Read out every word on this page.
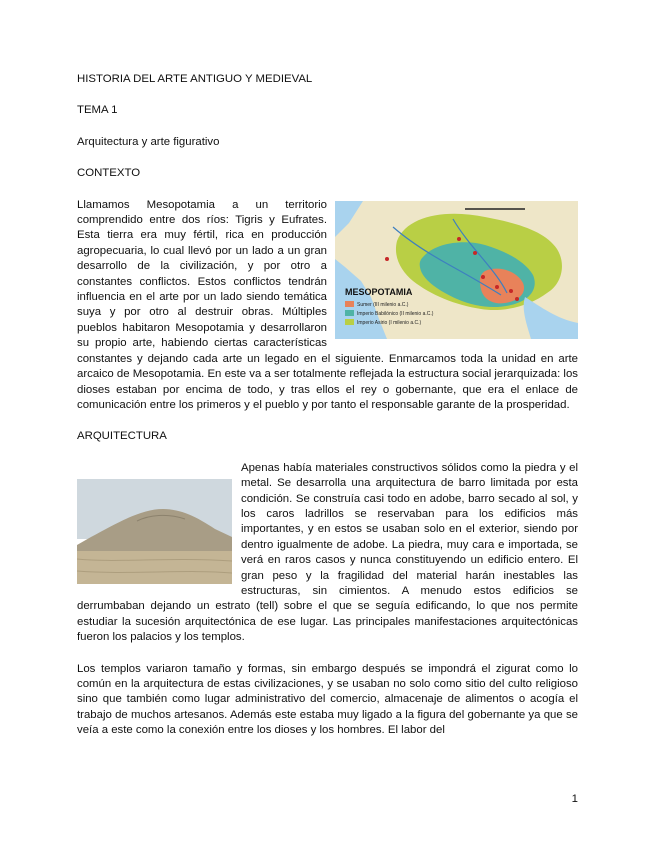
HISTORIA DEL ARTE ANTIGUO Y MEDIEVAL

TEMA 1

Arquitectura y arte figurativo

CONTEXTO

MESOPOTAMIA
Sumer (III milenio a.C.)
Imperio Babilónico (II milenio a.C.)
Imperio Asirio (I milenio a.C.)

Llamamos Mesopotamia a un territorio comprendido entre dos ríos: Tigris y Eufrates. Esta tierra era muy fértil, rica en producción agropecuaria, lo cual llevó por un lado a un gran desarrollo de la civilización, y por otro a constantes conflictos. Estos conflictos tendrán influencia en el arte por un lado siendo temática suya y por otro al destruir obras. Múltiples pueblos habitaron Mesopotamia y desarrollaron su propio arte, habiendo ciertas características constantes y dejando cada arte un legado en el siguiente. Enmarcamos toda la unidad en arte arcaico de Mesopotamia. En este va a ser totalmente reflejada la estructura social jerarquizada: los dioses estaban por encima de todo, y tras ellos el rey o gobernante, que era el enlace de comunicación entre los primeros y el pueblo y por tanto el responsable garante de la prosperidad.

ARQUITECTURA

Apenas había materiales constructivos sólidos como la piedra y el metal. Se desarrolla una arquitectura de barro limitada por esta condición. Se construía casi todo en adobe, barro secado al sol, y los caros ladrillos se reservaban para los edificios más importantes, y en estos se usaban solo en el exterior, siendo por dentro igualmente de adobe. La piedra, muy cara e importada, se verá en raros casos y nunca constituyendo un edificio entero. El gran peso y la fragilidad del material harán inestables las estructuras, sin cimientos. A menudo estos edificios se derrumbaban dejando un estrato (tell) sobre el que se seguía edificando, lo que nos permite estudiar la sucesión arquitectónica de ese lugar. Las principales manifestaciones arquitectónicas fueron los palacios y los templos.

Los templos variaron tamaño y formas, sin embargo después se impondrá el zigurat como lo común en la arquitectura de estas civilizaciones, y se usaban no solo como sitio del culto religioso sino que también como lugar administrativo del comercio, almacenaje de alimentos o acogía el trabajo de muchos artesanos. Además este estaba muy ligado a la figura del gobernante ya que se veía a este como la conexión entre los dioses y los hombres. El labor del

1
